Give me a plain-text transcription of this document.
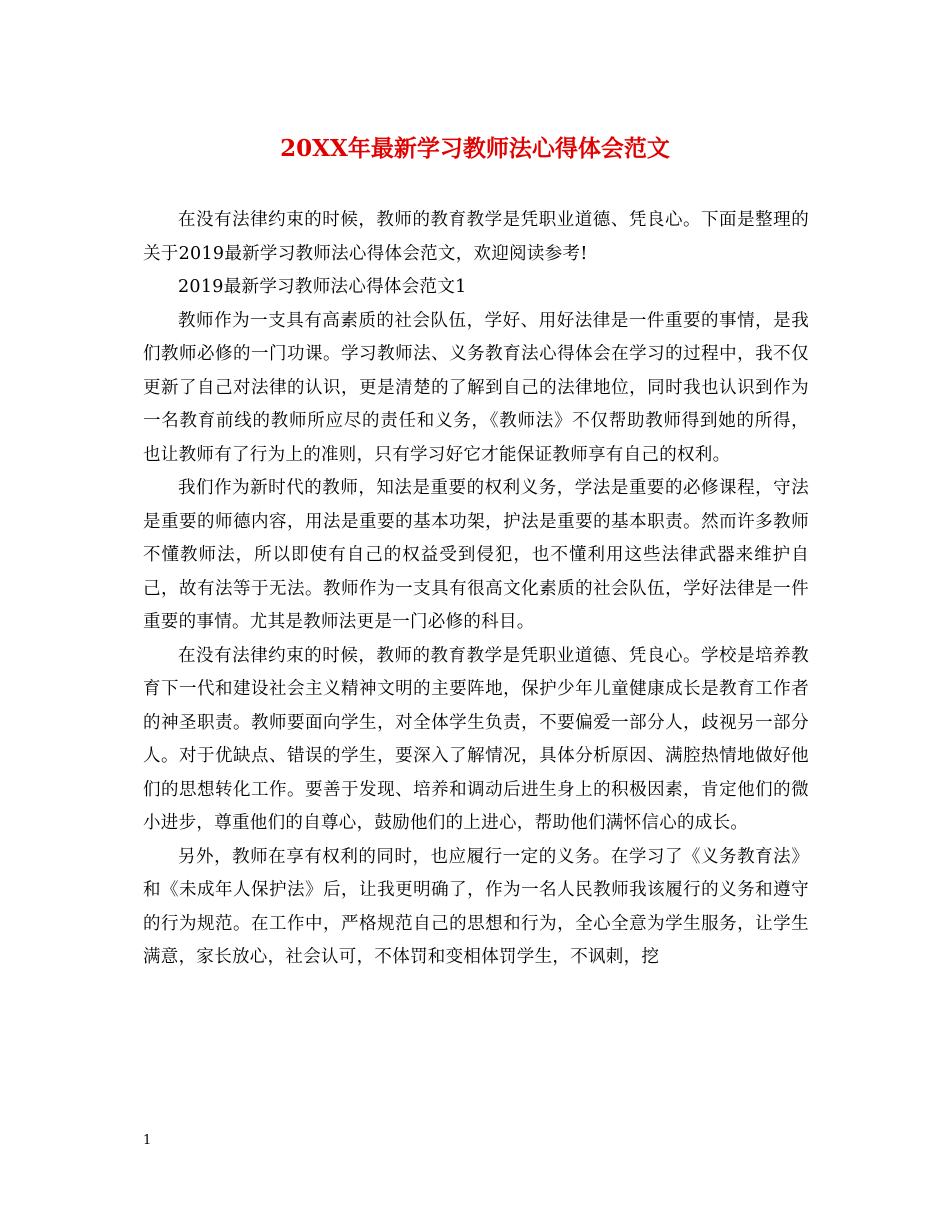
20XX年最新学习教师法心得体会范文

在没有法律约束的时候，教师的教育教学是凭职业道德、凭良心。下面是整理的关于2019最新学习教师法心得体会范文，欢迎阅读参考!

2019最新学习教师法心得体会范文1

教师作为一支具有高素质的社会队伍，学好、用好法律是一件重要的事情，是我们教师必修的一门功课。学习教师法、义务教育法心得体会在学习的过程中，我不仅更新了自己对法律的认识，更是清楚的了解到自己的法律地位，同时我也认识到作为一名教育前线的教师所应尽的责任和义务，《教师法》不仅帮助教师得到她的所得，也让教师有了行为上的准则，只有学习好它才能保证教师享有自己的权利。

我们作为新时代的教师，知法是重要的权利义务，学法是重要的必修课程，守法是重要的师德内容，用法是重要的基本功架，护法是重要的基本职责。然而许多教师不懂教师法，所以即使有自己的权益受到侵犯，也不懂利用这些法律武器来维护自己，故有法等于无法。教师作为一支具有很高文化素质的社会队伍，学好法律是一件重要的事情。尤其是教师法更是一门必修的科目。

在没有法律约束的时候，教师的教育教学是凭职业道德、凭良心。学校是培养教育下一代和建设社会主义精神文明的主要阵地，保护少年儿童健康成长是教育工作者的神圣职责。教师要面向学生，对全体学生负责，不要偏爱一部分人，歧视另一部分人。对于优缺点、错误的学生，要深入了解情况，具体分析原因、满腔热情地做好他们的思想转化工作。要善于发现、培养和调动后进生身上的积极因素，肯定他们的微小进步，尊重他们的自尊心，鼓励他们的上进心，帮助他们满怀信心的成长。

另外，教师在享有权利的同时，也应履行一定的义务。在学习了《义务教育法》和《未成年人保护法》后，让我更明确了，作为一名人民教师我该履行的义务和遵守的行为规范。在工作中，严格规范自己的思想和行为，全心全意为学生服务，让学生满意，家长放心，社会认可，不体罚和变相体罚学生，不讽刺，挖

1
